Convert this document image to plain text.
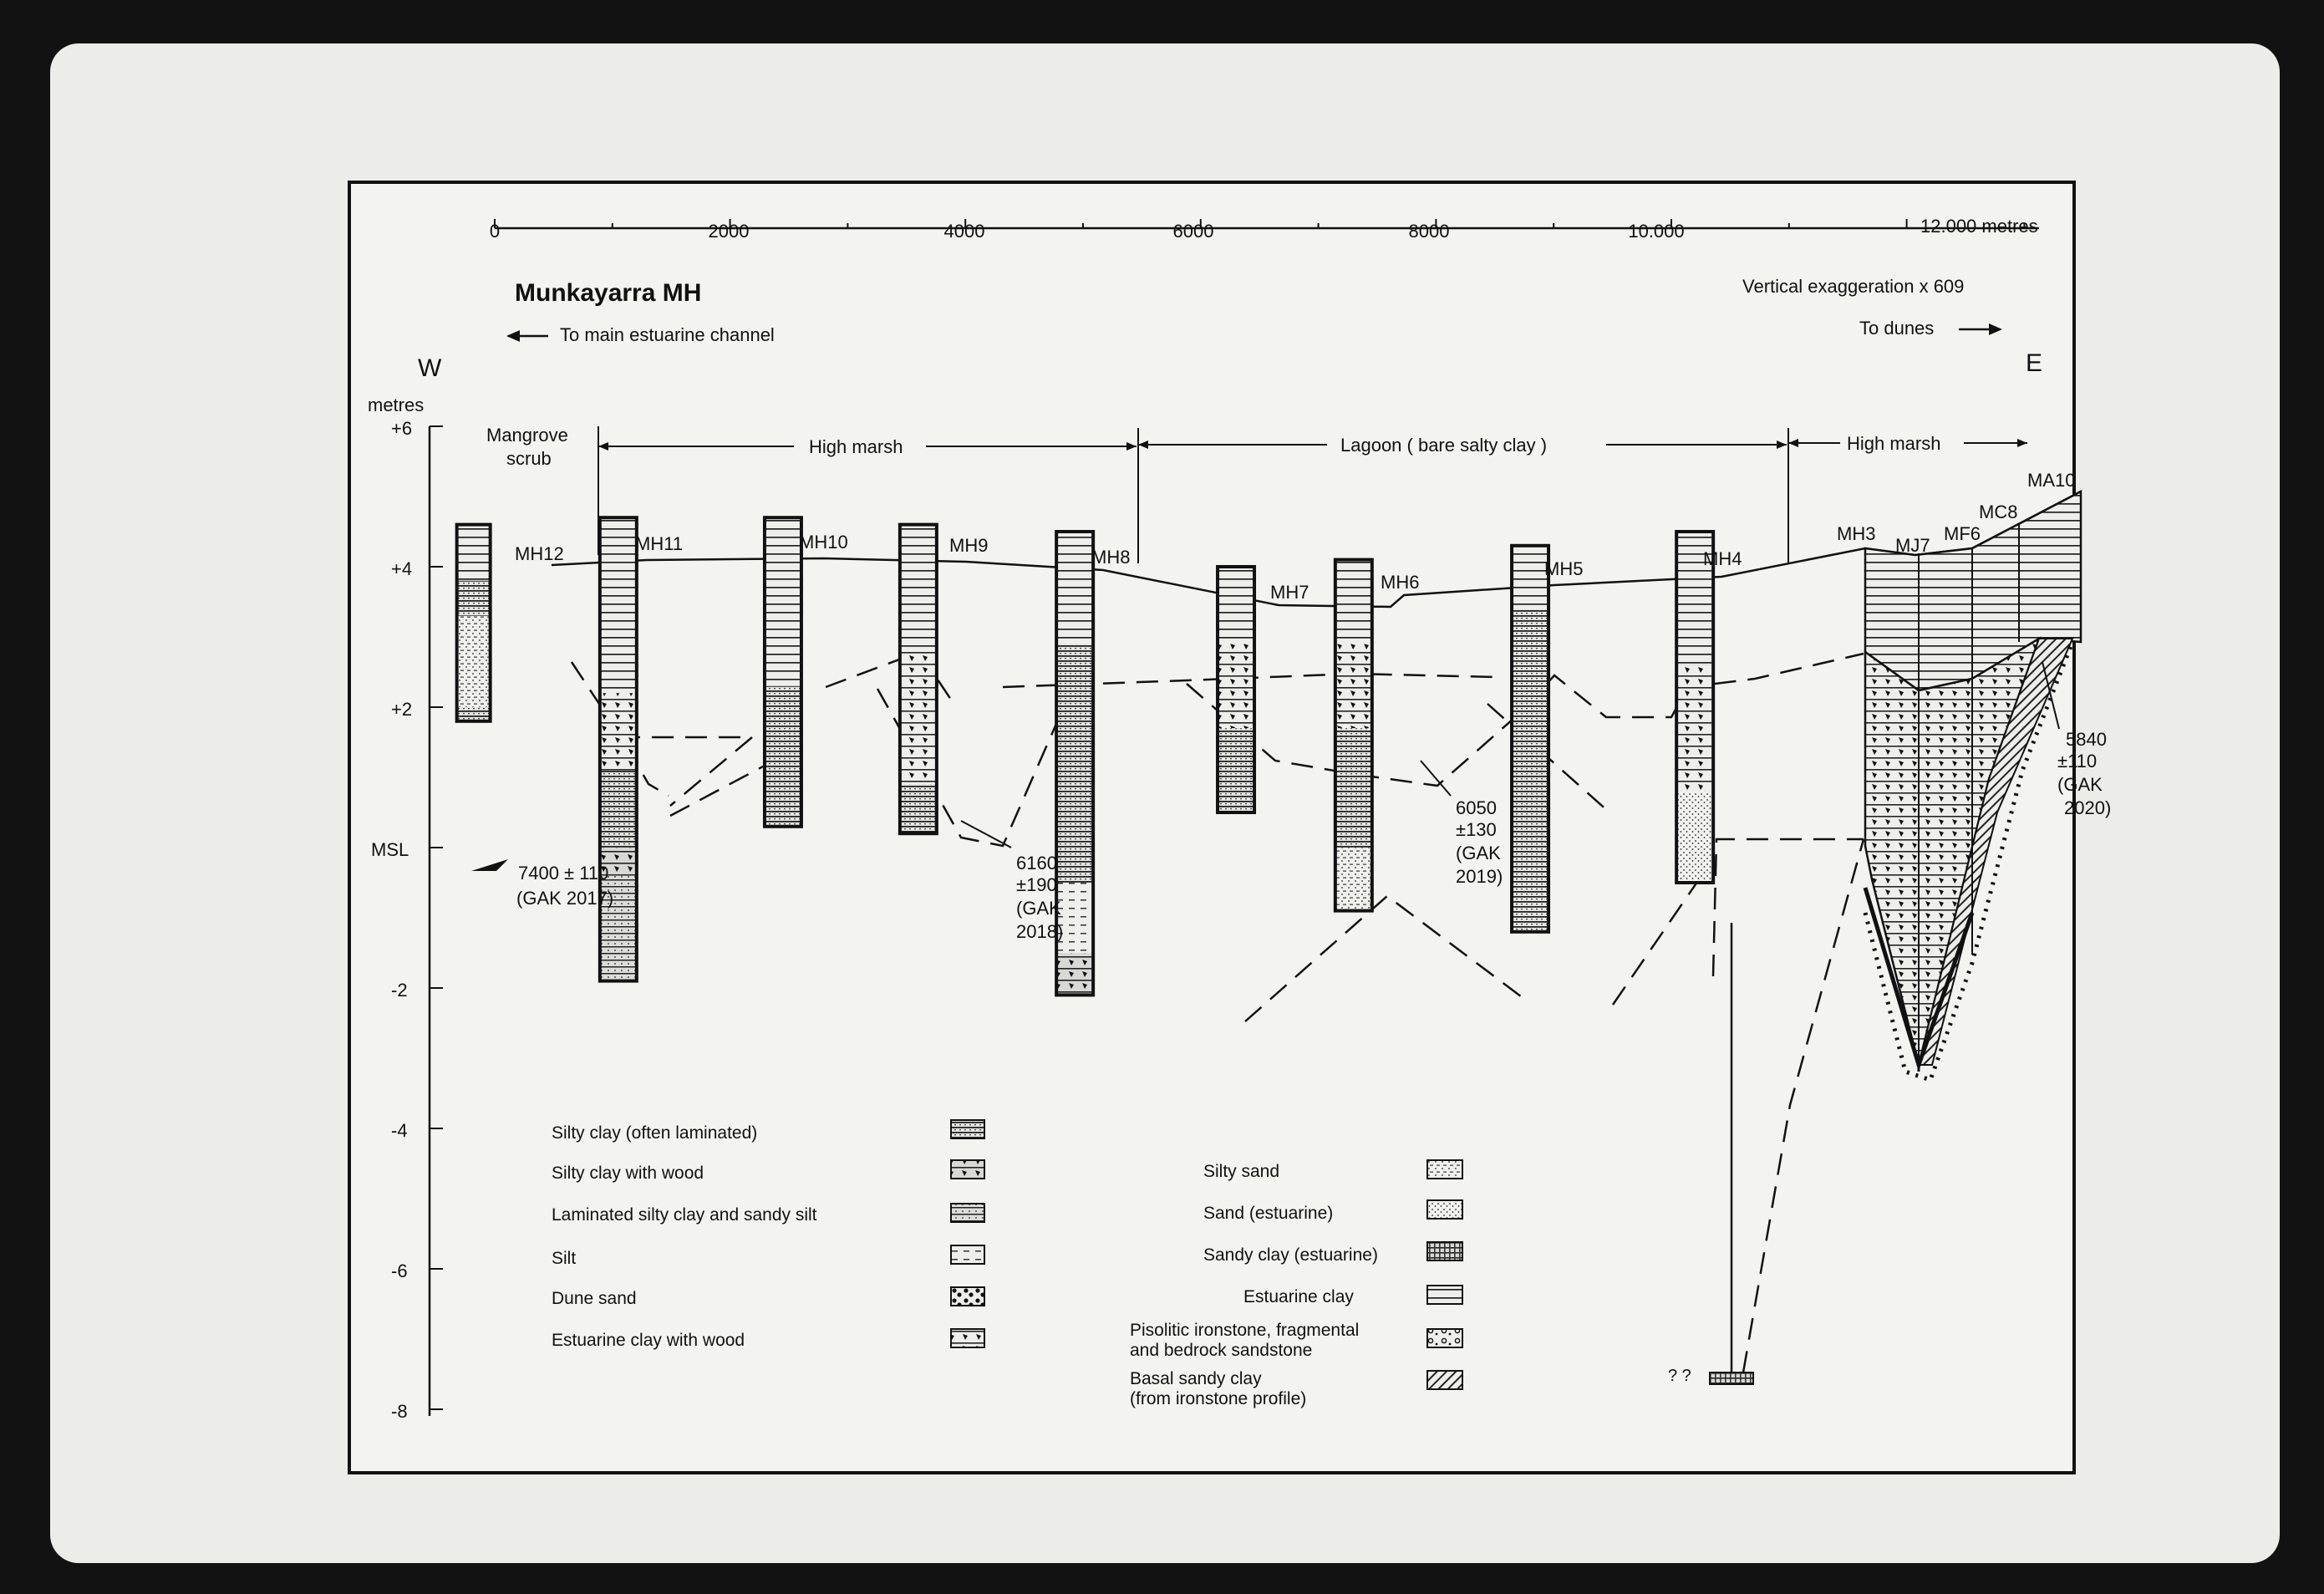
0	2000	4000	6000	8000	10.000	12.000 metres
Munkayarra MH	Vertical exaggeration x 609
To main estuarine channel	To dunes
W	E
metres
+6
+4
+2
MSL
-2
-4
-6
-8
Mangrove
scrub
High marsh	Lagoon ( bare salty clay )	High marsh
? ?
MH12	MH11	MH10	MH9
MH8
MH7	MH6
MH5	MH4
MH3
MJ7
MF6
MC8
MA10
7400 ± 110
(GAK 2017)
6160
±190
(GAK
2018)
6050
±130
(GAK
2019)
5840
±110
(GAK
2020)
Silty clay (often laminated)
Silty clay with wood
Laminated silty clay and sandy silt
Silt
Dune sand
Estuarine clay with wood
Silty sand
Sand (estuarine)
Sandy clay (estuarine)
Estuarine clay
Pisolitic ironstone, fragmental
and bedrock sandstone
Basal sandy clay
(from ironstone profile)
